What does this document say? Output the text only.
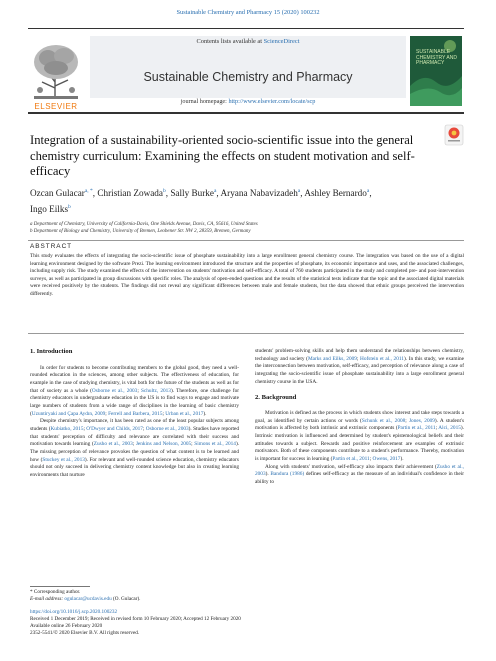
Sustainable Chemistry and Pharmacy 15 (2020) 100232
ELSEVIER
Contents lists available at ScienceDirect
Sustainable Chemistry and Pharmacy
journal homepage: http://www.elsevier.com/locate/scp
SUSTAINABLE CHEMISTRY AND PHARMACY
Integration of a sustainability-oriented socio-scientific issue into the general chemistry curriculum: Examining the effects on student motivation and self-efficacy
Ozcan Gulacar$^{a, *}$, Christian Zowada$^b$, Sally Burke$^a$, Aryana Nabavizadeh$^a$, Ashley Bernardo$^a$,
Ingo Eilks$^b$
a Department of Chemistry, University of California-Davis, One Shields Avenue, Davis, CA, 95616, United States
b Department of Biology and Chemistry, University of Bremen, Leobener Str. NW 2, 28359, Bremen, Germany
ABSTRACT
This study evaluates the effects of integrating the socio-scientific issue of phosphate sustainability into a large enrollment general chemistry course. The integration was based on the use of a digital learning environment designed by the software Prezi. The learning environment introduced the structure and the properties of phosphate, its economic importance and uses, and the associated challenges, including supply risk. The study examined the effects of the intervention on students' motivation and self-efficacy. A total of 760 students participated in the study and completed pre- and post-intervention surveys, as well as participated in group discussions with specific roles. The analysis of open-ended questions and the results of the statistical tests indicate that the topic and the associated digital materials were received positively by the students. The findings did not reveal any significant differences between male and female students, but the data showed that ethnic groups perceived the intervention differently.
1. Introduction

In order for students to become contributing members to the global good, they need a well-rounded education in the sciences, among other subjects. The effectiveness of education, for example in the case of studying chemistry, is vital both for the future of the students as well as for that of society as a whole (Osborne et al., 2003; Schultz, 2013). Therefore, one challenge for chemistry educators in undergraduate education in the US is to find ways to engage and motivate large numbers of students from a wide range of disciplines in the learning of basic chemistry (Uzuntiryaki and Çapa Aydın, 2009; Ferrell and Barbera, 2015; Urban et al., 2017).

Despite chemistry's importance, it has been rated as one of the least popular subjects among students (Kubiatko, 2015; O'Dwyer and Childs, 2017; Osborne et al., 2003). Studies have reported that students' perception of difficulty and relevance are correlated with their success and motivation towards learning (Zusho et al., 2003; Jenkins and Nelson, 2005; Simons et al., 2014). The missing perception of relevance provokes the question of what content is to be learned and how (Stuckey et al., 2013). For relevant and well-rounded science education, chemistry educators should not only succeed in delivering chemistry content knowledge but also in creating learning environments that nurture

students' problem-solving skills and help them understand the relationships between chemistry, technology and society (Marks and Eilks, 2009; Hofstein et al., 2011). In this study, we examine the interconnection between motivation, self-efficacy, and perception of relevance along a case of integrating the socio-scientific issue of phosphate sustainability into a large enrollment general chemistry course in the USA.

2. Background

Motivation is defined as the process in which students show interest and take steps towards a goal, as identified by certain actions or words (Schunk et al., 2008; Jones, 2009). A student's motivation is affected by both intrinsic and extrinsic components (Partin et al., 2011; Alci, 2015). Intrinsic motivation is influenced and determined by student's epistemological beliefs and their attitudes towards a subject. Rewards and positive reinforcement are examples of extrinsic motivators. Both of these components contribute to a student's performance. Thereby, motivation is important for success in learning (Partin et al., 2011; Owens, 2017).

Along with students' motivation, self-efficacy also impacts their achievement (Zusho et al., 2003). Bandura (1986) defines self-efficacy as the measure of an individual's confidence in their ability to

* Corresponding author.
E-mail address: ogulacar@ucdavis.edu (O. Gulacar).
https://doi.org/10.1016/j.scp.2020.100232
Received 1 December 2019; Received in revised form 10 February 2020; Accepted 12 February 2020
Available online 26 February 2020
2352-5541/© 2020 Elsevier B.V. All rights reserved.
